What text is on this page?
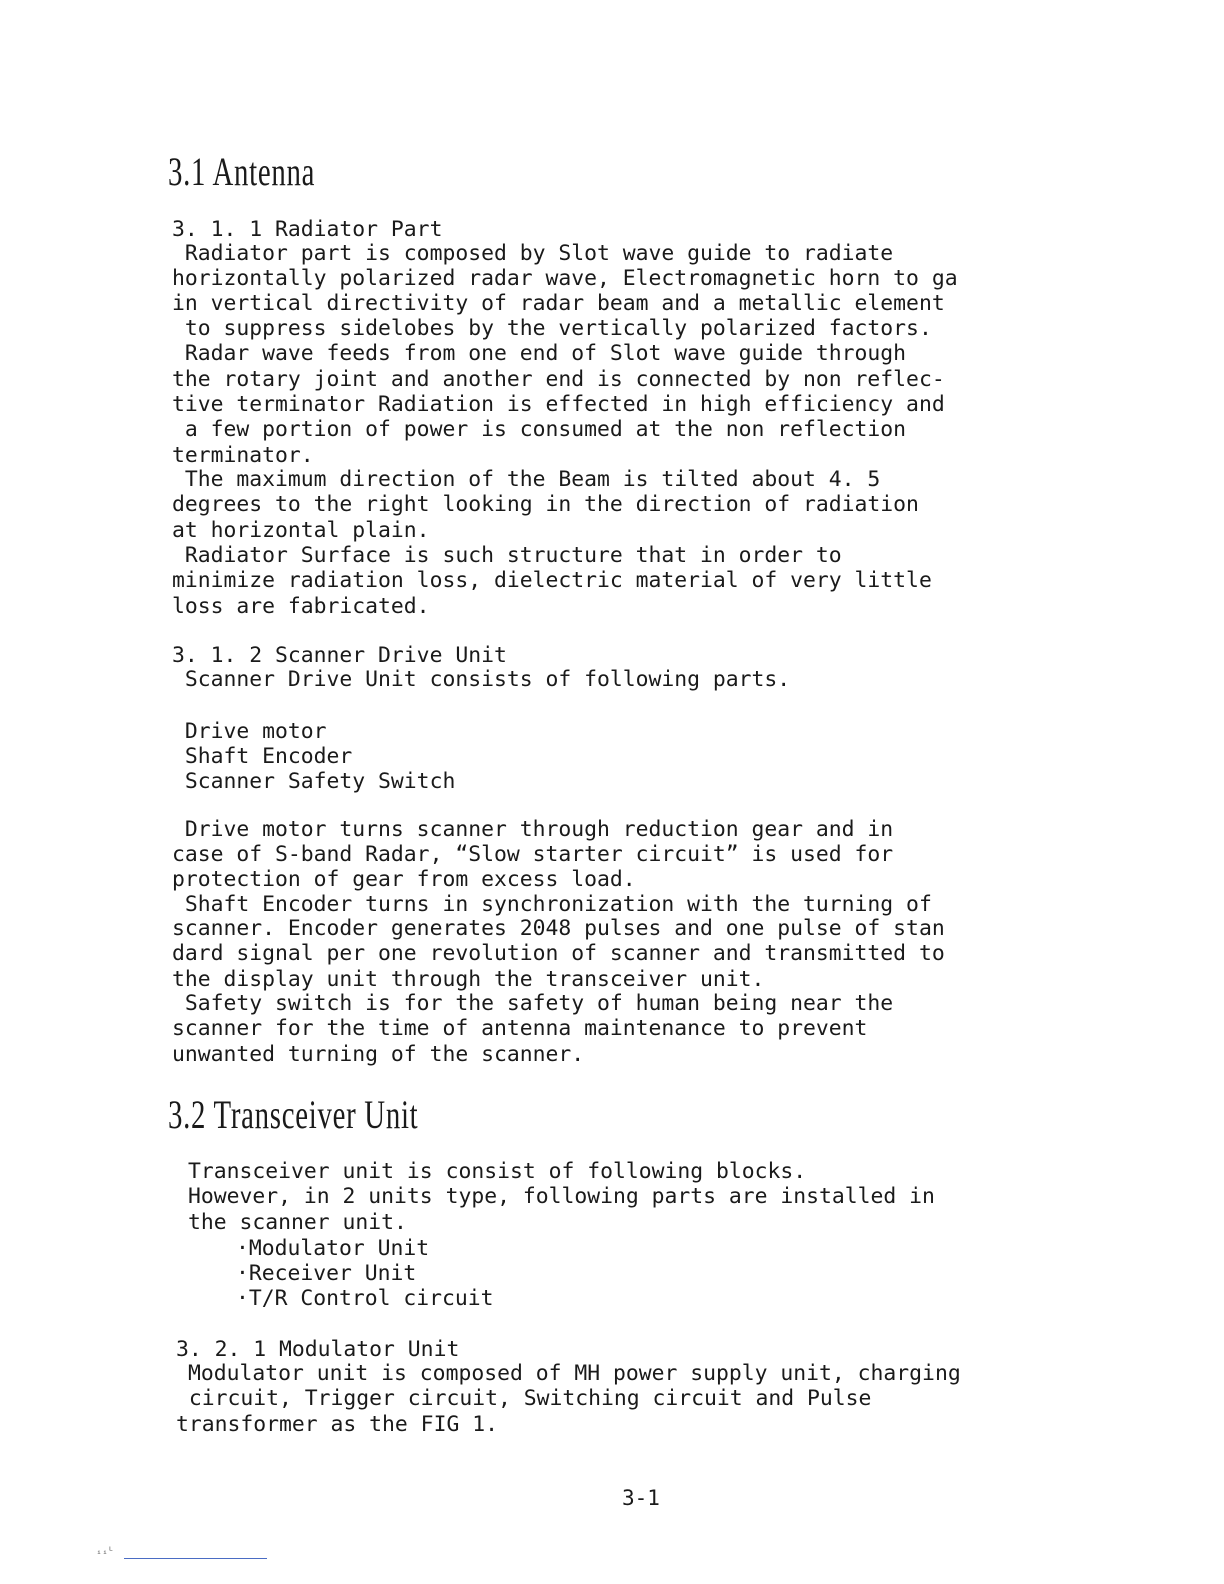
3.1 Antenna
3. 1. 1 Radiator Part
Radiator part is composed by Slot wave guide to radiate
horizontally polarized radar wave, Electromagnetic horn to ga
in vertical directivity of radar beam and a metallic element
to suppress sidelobes by the vertically polarized factors.
Radar wave feeds from one end of Slot wave guide through
the rotary joint and another end is connected by non reflec-
tive terminator Radiation is effected in high efficiency and
a few portion of power is consumed at the non reflection
terminator.
The maximum direction of the Beam is tilted about 4. 5
degrees to the right looking in the direction of radiation
at horizontal plain.
Radiator Surface is such structure that in order to
minimize radiation loss, dielectric material of very little
loss are fabricated.
3. 1. 2 Scanner Drive Unit
Scanner Drive Unit consists of following parts.
Drive motor
Shaft Encoder
Scanner Safety Switch
Drive motor turns scanner through reduction gear and in
case of S-band Radar, “Slow starter circuit” is used for
protection of gear from excess load.
Shaft Encoder turns in synchronization with the turning of
scanner. Encoder generates 2048 pulses and one pulse of stan
dard signal per one revolution of scanner and transmitted to
the display unit through the transceiver unit.
Safety switch is for the safety of human being near the
scanner for the time of antenna maintenance to prevent
unwanted turning of the scanner.
3.2 Transceiver Unit
Transceiver unit is consist of following blocks.
However, in 2 units type, following parts are installed in
the scanner unit.
·Modulator Unit
·Receiver Unit
·T/R Control circuit
3. 2. 1 Modulator Unit
Modulator unit is composed of MH power supply unit, charging
circuit, Trigger circuit, Switching circuit and Pulse
transformer as the FIG 1.
3-1
ᵢᵢᴸ
